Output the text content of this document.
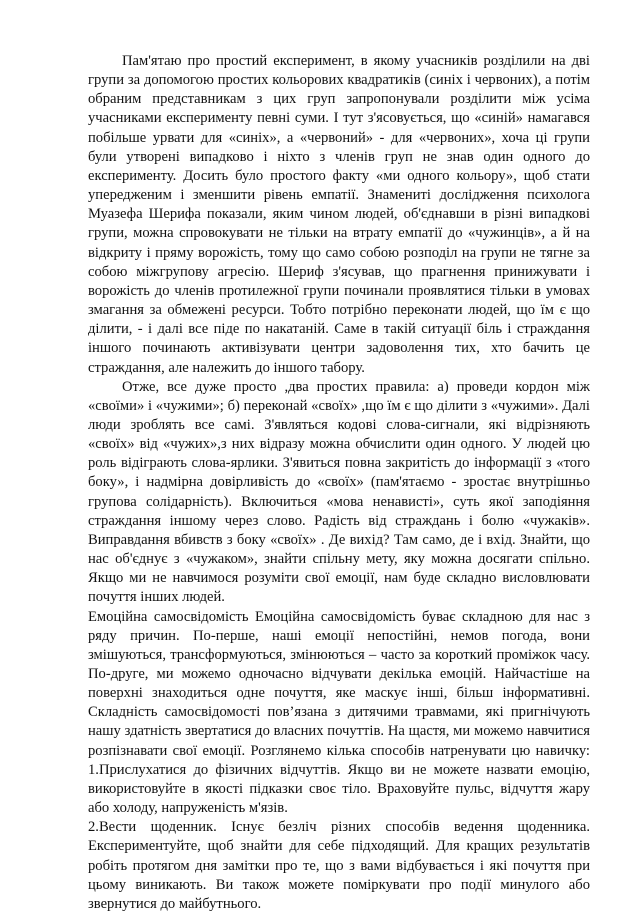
Пам'ятаю про простий експеримент, в якому учасників розділили на дві групи за допомогою простих кольорових квадратиків (синіх і червоних), а потім обраним представникам з цих груп запропонували розділити між усіма учасниками експерименту певні суми. І тут з'ясовується, що «синій» намагався побільше урвати для «синіх», а «червоний» - для «червоних», хоча ці групи були утворені випадково і ніхто з членів груп не знав один одного до експерименту. Досить було простого факту «ми одного кольору», щоб стати упередженим і зменшити рівень емпатії. Знамениті дослідження психолога Муазефа Шерифа показали, яким чином людей, об'єднавши в різні випадкові групи, можна спровокувати не тільки на втрату емпатії до «чужинців», а й на відкриту і пряму ворожість, тому що само собою розподіл на групи не тягне за собою міжгрупову агресію. Шериф з'ясував, що прагнення принижувати і ворожість до членів протилежної групи починали проявлятися тільки в умовах змагання за обмежені ресурси. Тобто потрібно переконати людей, що їм є що ділити, - і далі все піде по накатаній. Саме в такій ситуації біль і страждання іншого починають активізувати центри задоволення тих, хто бачить це страждання, але належить до іншого табору.

Отже, все дуже просто ,два простих правила: а) проведи кордон між «своїми» і «чужими»; б) переконай «своїх» ,що їм є що ділити з «чужими». Далі люди зроблять все самі. З'являться кодові слова-сигнали, які відрізняють «своїх» від «чужих»,з них відразу можна обчислити один одного. У людей цю роль відіграють слова-ярлики. З'явиться повна закритість до інформації з «того боку», і надмірна довірливість до «своїх» (пам'ятаємо - зростає внутрішньо групова солідарність). Включиться «мова ненависті», суть якої заподіяння страждання іншому через слово. Радість від страждань і болю «чужаків». Виправдання вбивств з боку «своїх» . Де вихід? Там само, де і вхід. Знайти, що нас об'єднує з «чужаком», знайти спільну мету, яку можна досягати спільно. Якщо ми не навчимося розуміти свої емоції, нам буде складно висловлювати почуття інших людей.

Емоційна самосвідомість Емоційна самосвідомість буває складною для нас з ряду причин. По-перше, наші емоції непостійні, немов погода, вони змішуються, трансформуються, змінюються – часто за короткий проміжок часу. По-друге, ми можемо одночасно відчувати декілька емоцій. Найчастіше на поверхні знаходиться одне почуття, яке маскує інші, більш інформативні. Складність самосвідомості пов’язана з дитячими травмами, які пригнічують нашу здатність звертатися до власних почуттів. На щастя, ми можемо навчитися розпізнавати свої емоції. Розглянемо кілька способів натренувати цю навичку: 1.Прислухатися до фізичних відчуттів. Якщо ви не можете назвати емоцію, використовуйте в якості підказки своє тіло. Враховуйте пульс, відчуття жару або холоду, напруженість м'язів.

2.Вести щоденник. Існує безліч різних способів ведення щоденника. Експериментуйте, щоб знайти для себе підходящий. Для кращих результатів робіть протягом дня замітки про те, що з вами відбувається і які почуття при цьому виникають. Ви також можете поміркувати про події минулого або звернутися до майбутнього.
